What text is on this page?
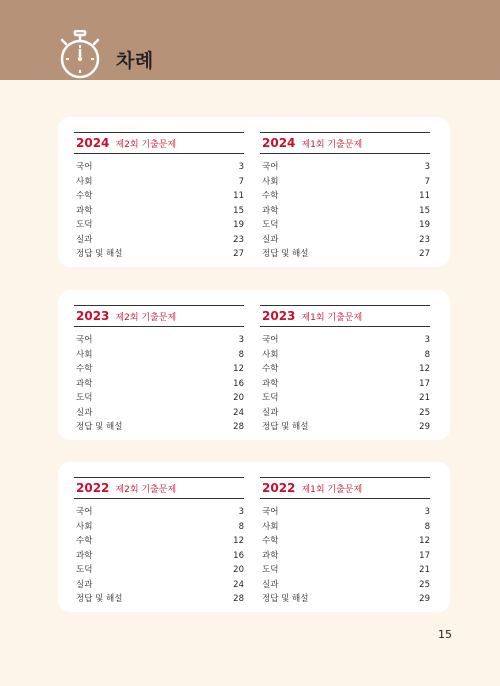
차례
2024 제2회 기출문제
국어	3
사회	7
수학	11
과학	15
도덕	19
실과	23
정답 및 해설	27
2024 제1회 기출문제
국어	3
사회	7
수학	11
과학	15
도덕	19
실과	23
정답 및 해설	27
2023 제2회 기출문제
국어	3
사회	8
수학	12
과학	16
도덕	20
실과	24
정답 및 해설	28
2023 제1회 기출문제
국어	3
사회	8
수학	12
과학	17
도덕	21
실과	25
정답 및 해설	29
2022 제2회 기출문제
국어	3
사회	8
수학	12
과학	16
도덕	20
실과	24
정답 및 해설	28
2022 제1회 기출문제
국어	3
사회	8
수학	12
과학	17
도덕	21
실과	25
정답 및 해설	29
15
